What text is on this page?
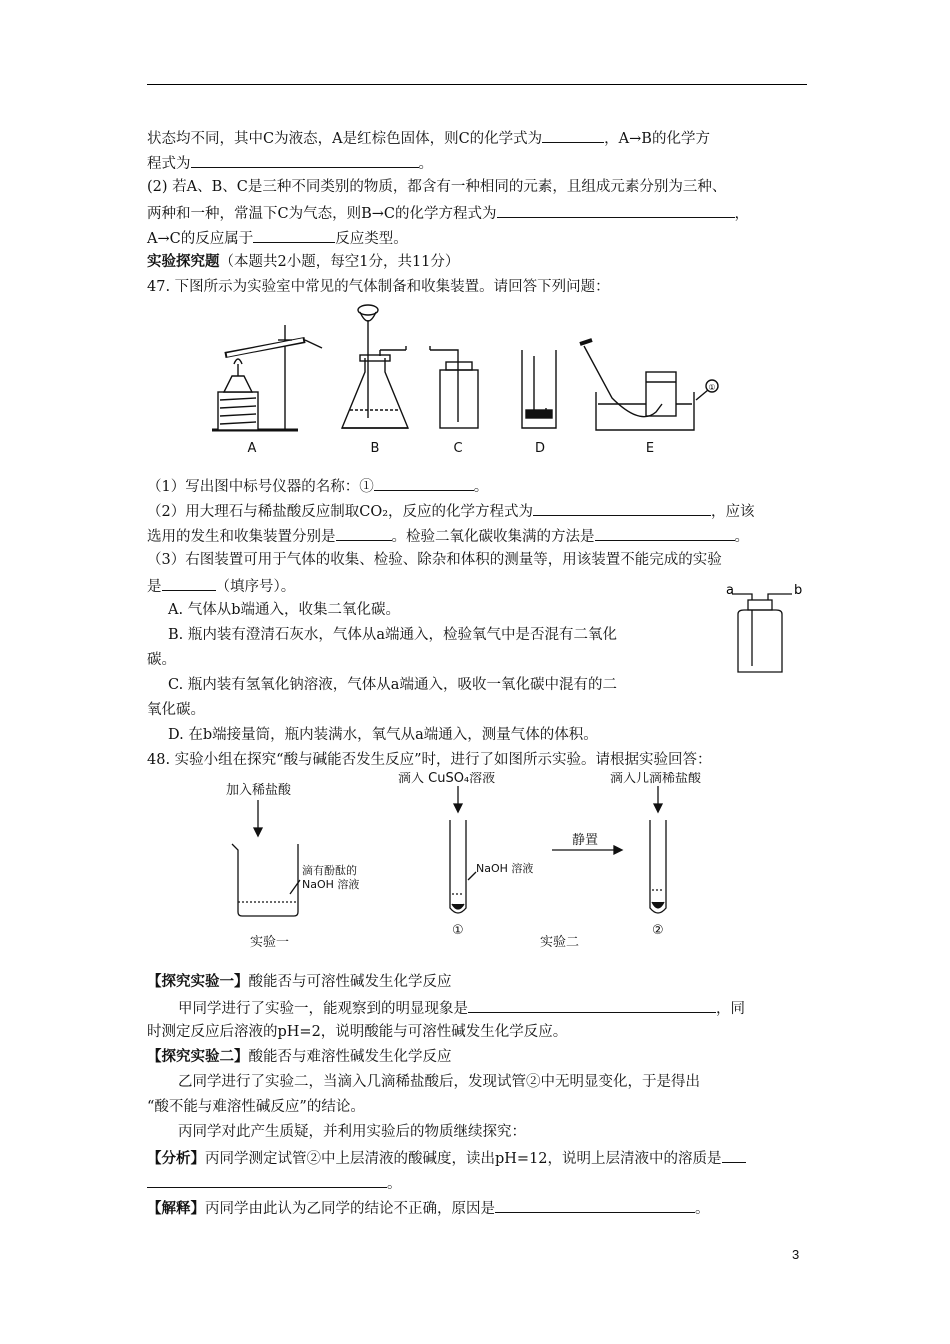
状态均不同，其中C为液态，A是红棕色固体，则C的化学式为	，A→B的化学方
程式为	。
(2) 若A、B、C是三种不同类别的物质，都含有一种相同的元素，且组成元素分别为三种、
两种和一种，常温下C为气态，则B→C的化学方程式为	，
A→C的反应属于	反应类型。
实验探究题（本题共2小题，每空1分，共11分）
47. 下图所示为实验室中常见的气体制备和收集装置。请回答下列问题：
①
A	B	C	D	E
（1）写出图中标号仪器的名称：①	。
（2）用大理石与稀盐酸反应制取CO₂，反应的化学方程式为	，应该
选用的发生和收集装置分别是	。检验二氧化碳收集满的方法是	。
（3）右图装置可用于气体的收集、检验、除杂和体积的测量等，用该装置不能完成的实验
是	（填序号）。	a	b
A. 气体从b端通入，收集二氧化碳。
B. 瓶内装有澄清石灰水，气体从a端通入，检验氧气中是否混有二氧化
碳。
C. 瓶内装有氢氧化钠溶液，气体从a端通入，吸收一氧化碳中混有的二
氧化碳。
D. 在b端接量筒，瓶内装满水，氧气从a端通入，测量气体的体积。
48. 实验小组在探究“酸与碱能否发生反应”时，进行了如图所示实验。请根据实验回答：
加入稀盐酸
滴有酚酞的
NaOH 溶液
滴入 CuSO₄溶液
NaOH 溶液
静置
滴入几滴稀盐酸
实验一	实验二
①	②
【探究实验一】酸能否与可溶性碱发生化学反应
甲同学进行了实验一，能观察到的明显现象是	，同
时测定反应后溶液的pH=2，说明酸能与可溶性碱发生化学反应。
【探究实验二】酸能否与难溶性碱发生化学反应
乙同学进行了实验二，当滴入几滴稀盐酸后，发现试管②中无明显变化，于是得出
“酸不能与难溶性碱反应”的结论。
丙同学对此产生质疑，并利用实验后的物质继续探究：
【分析】丙同学测定试管②中上层清液的酸碱度，读出pH=12，说明上层清液中的溶质是
。
【解释】丙同学由此认为乙同学的结论不正确，原因是	。
3
